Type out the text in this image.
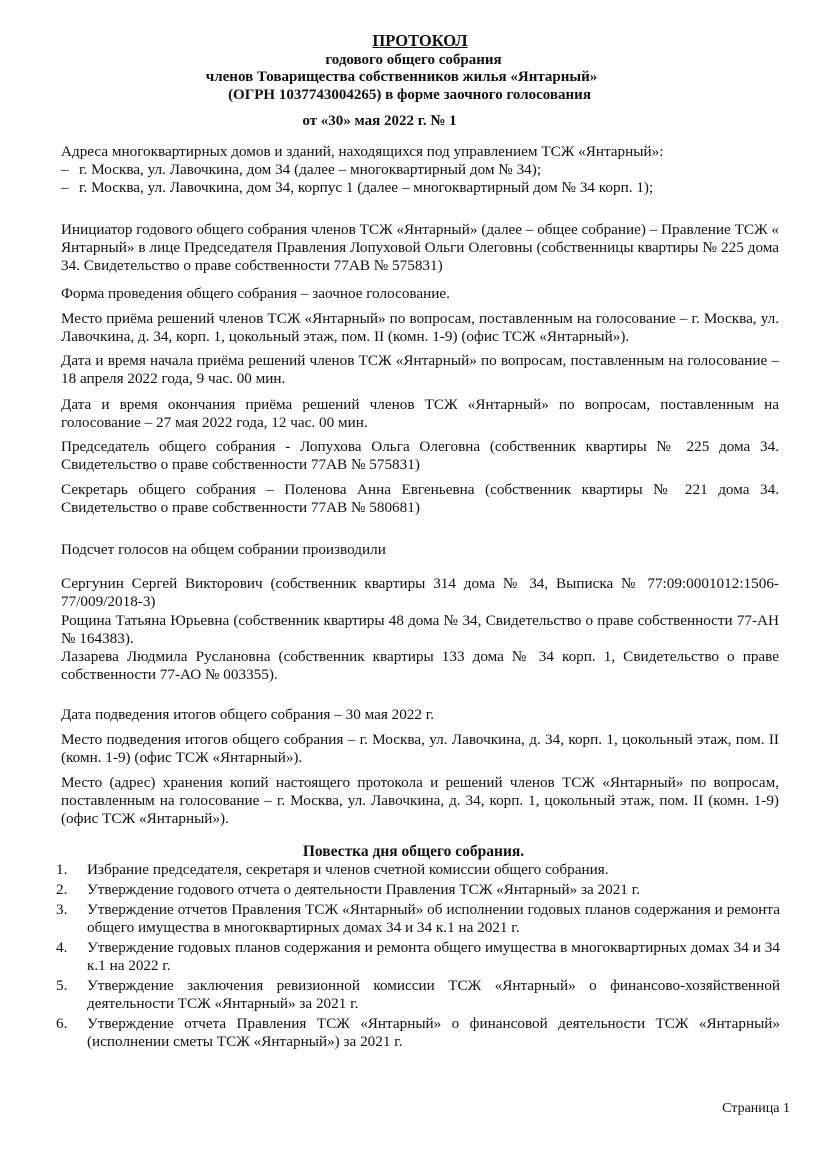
ПРОТОКОЛ
годового общего собрания
членов Товарищества собственников жилья «Янтарный»
(ОГРН 1037743004265) в форме заочного голосования
от «30» мая 2022 г. № 1

Адреса многоквартирных домов и зданий, находящихся под управлением ТСЖ «Янтарный»:

– г. Москва, ул. Лавочкина, дом 34 (далее – многоквартирный дом № 34);
– г. Москва, ул. Лавочкина, дом 34, корпус 1 (далее – многоквартирный дом № 34 корп. 1);
Инициатор годового общего собрания членов ТСЖ «Янтарный» (далее – общее собрание) – Правление ТСЖ « Янтарный» в лице Председателя Правления Лопуховой Ольги Олеговны (собственницы квартиры № 225 дома 34. Свидетельство о праве собственности 77АВ № 575831)
Форма проведения общего собрания – заочное голосование.
Место приёма решений членов ТСЖ «Янтарный» по вопросам, поставленным на голосование – г. Москва, ул. Лавочкина, д. 34, корп. 1, цокольный этаж, пом. II (комн. 1-9) (офис ТСЖ «Янтарный»).
Дата и время начала приёма решений членов ТСЖ «Янтарный» по вопросам, поставленным на голосование – 18 апреля 2022 года, 9 час. 00 мин.
Дата и время окончания приёма решений членов ТСЖ «Янтарный» по вопросам, поставленным на голосование – 27 мая 2022 года, 12 час. 00 мин.
Председатель общего собрания - Лопухова Ольга Олеговна (собственник квартиры № 225 дома 34. Свидетельство о праве собственности 77АВ № 575831)
Секретарь общего собрания – Поленова Анна Евгеньевна (собственник квартиры № 221 дома 34. Свидетельство о праве собственности 77АВ № 580681)
Подсчет голосов на общем собрании производили
Сергунин Сергей Викторович (собственник квартиры 314 дома № 34, Выписка № 77:09:0001012:1506-77/009/2018-3)
Рощина Татьяна Юрьевна (собственник квартиры 48 дома № 34, Свидетельство о праве собственности 77-АН № 164383).
Лазарева Людмила Руслановна (собственник квартиры 133 дома № 34 корп. 1, Свидетельство о праве собственности 77-АО № 003355).
Дата подведения итогов общего собрания – 30 мая 2022 г.
Место подведения итогов общего собрания – г. Москва, ул. Лавочкина, д. 34, корп. 1, цокольный этаж, пом. II (комн. 1-9) (офис ТСЖ «Янтарный»).
Место (адрес) хранения копий настоящего протокола и решений членов ТСЖ «Янтарный» по вопросам, поставленным на голосование – г. Москва, ул. Лавочкина, д. 34, корп. 1, цокольный этаж, пом. II (комн. 1-9) (офис ТСЖ «Янтарный»).
Повестка дня общего собрания.
1.	Избрание председателя, секретаря и членов счетной комиссии общего собрания.
2.	Утверждение годового отчета о деятельности Правления ТСЖ «Янтарный» за 2021 г.
3.	Утверждение отчетов Правления ТСЖ «Янтарный» об исполнении годовых планов содержания и ремонта общего имущества в многоквартирных домах 34 и 34 к.1 на 2021 г.
4.	Утверждение годовых планов содержания и ремонта общего имущества в многоквартирных домах 34 и 34 к.1 на 2022 г.
5.	Утверждение заключения ревизионной комиссии ТСЖ «Янтарный» о финансово-хозяйственной деятельности ТСЖ «Янтарный» за 2021 г.
6.	Утверждение отчета Правления ТСЖ «Янтарный» о финансовой деятельности ТСЖ «Янтарный» (исполнении сметы ТСЖ «Янтарный») за 2021 г.
Страница 1
